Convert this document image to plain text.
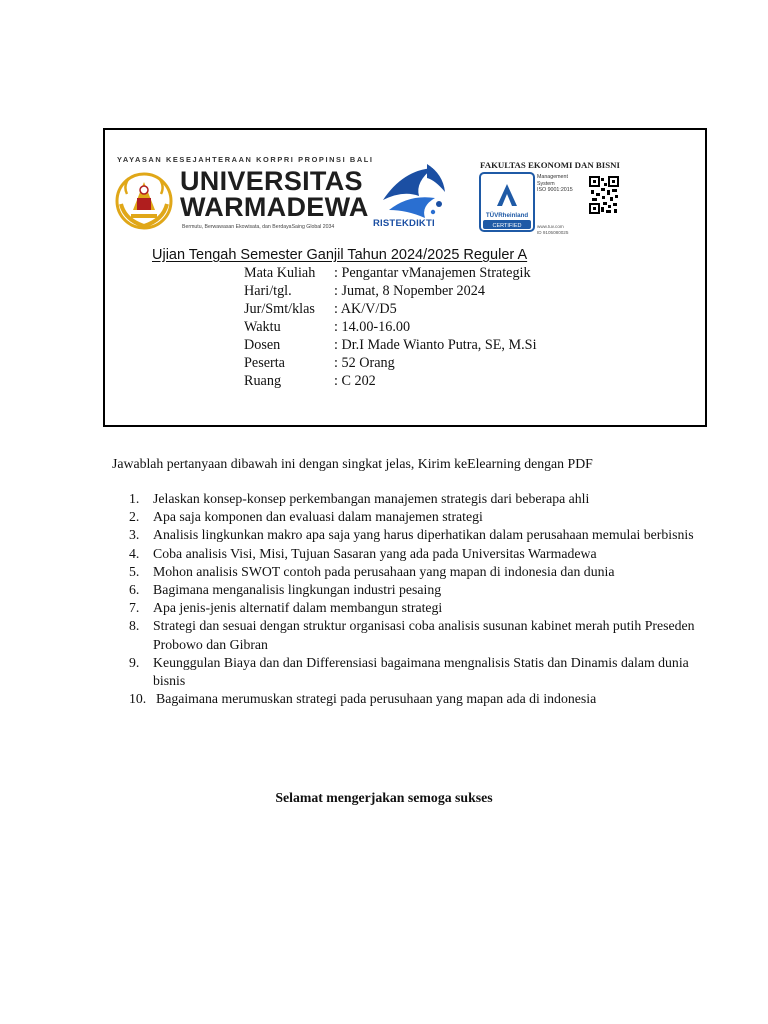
YAYASAN KESEJAHTERAAN KORPRI PROPINSI BALI
UNIVERSITAS
WARMADEWA
Bermutu, Berwawasan Ekowisata, dan BerdayaSaing Global 2034	RISTEKDIKTI
FAKULTAS EKONOMI DAN BISNI
TÜVRheinland
CERTIFIED
Management
System
ISO 9001:2015
www.tuv.com
ID 9105080025
Ujian Tengah Semester Ganjil Tahun 2024/2025 Reguler A
Mata Kuliah	: Pengantar vManajemen Strategik
Hari/tgl.	: Jumat, 8 Nopember 2024
Jur/Smt/klas	: AK/V/D5
Waktu	: 14.00-16.00
Dosen	: Dr.I Made Wianto Putra, SE, M.Si
Peserta	: 52 Orang
Ruang	: C 202
Jawablah pertanyaan dibawah ini dengan singkat jelas, Kirim keElearning dengan PDF
1. Jelaskan konsep-konsep perkembangan manajemen strategis dari beberapa ahli
2. Apa saja komponen dan evaluasi dalam manajemen strategi
3. Analisis lingkunkan makro apa saja yang harus diperhatikan dalam perusahaan memulai berbisnis
4. Coba analisis Visi, Misi, Tujuan Sasaran yang ada pada Universitas Warmadewa
5. Mohon analisis SWOT contoh pada perusahaan yang mapan di indonesia dan dunia
6. Bagimana menganalisis lingkungan industri pesaing
7. Apa jenis-jenis alternatif dalam membangun strategi
8. Strategi dan sesuai dengan struktur organisasi coba analisis susunan kabinet merah putih Preseden Probowo dan Gibran
9. Keunggulan Biaya dan dan Differensiasi bagaimana mengnalisis Statis dan Dinamis dalam dunia bisnis
10. Bagaimana merumuskan strategi pada perusuhaan yang mapan ada di indonesia
Selamat mengerjakan semoga sukses
